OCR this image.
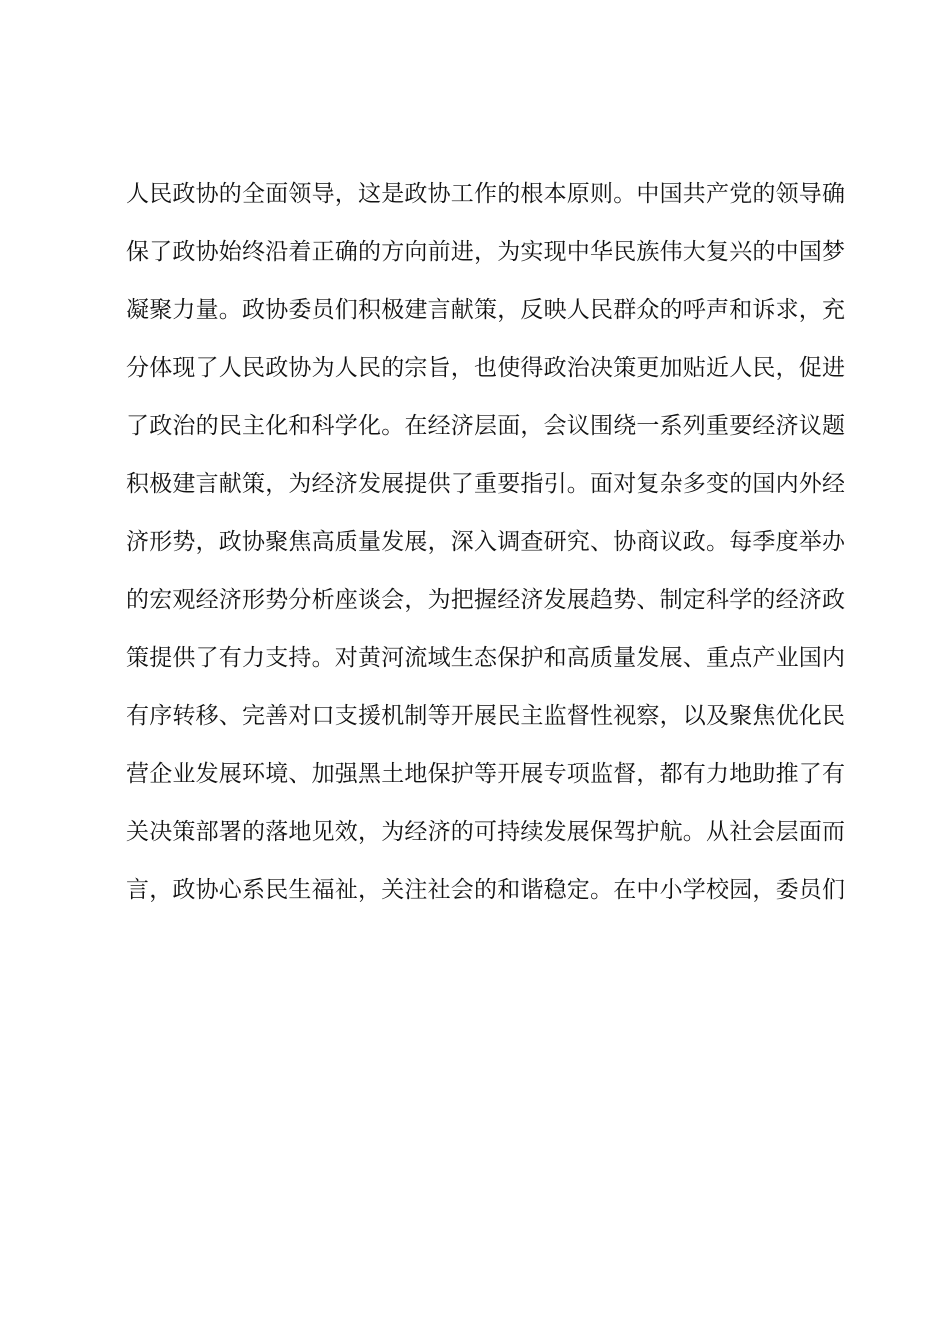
人民政协的全面领导，这是政协工作的根本原则。中国共产党的领导确
保了政协始终沿着正确的方向前进，为实现中华民族伟大复兴的中国梦
凝聚力量。政协委员们积极建言献策，反映人民群众的呼声和诉求，充
分体现了人民政协为人民的宗旨，也使得政治决策更加贴近人民，促进
了政治的民主化和科学化。在经济层面，会议围绕一系列重要经济议题
积极建言献策，为经济发展提供了重要指引。面对复杂多变的国内外经
济形势，政协聚焦高质量发展，深入调查研究、协商议政。每季度举办
的宏观经济形势分析座谈会，为把握经济发展趋势、制定科学的经济政
策提供了有力支持。对黄河流域生态保护和高质量发展、重点产业国内
有序转移、完善对口支援机制等开展民主监督性视察，以及聚焦优化民
营企业发展环境、加强黑土地保护等开展专项监督，都有力地助推了有
关决策部署的落地见效，为经济的可持续发展保驾护航。从社会层面而
言，政协心系民生福祉，关注社会的和谐稳定。在中小学校园，委员们
